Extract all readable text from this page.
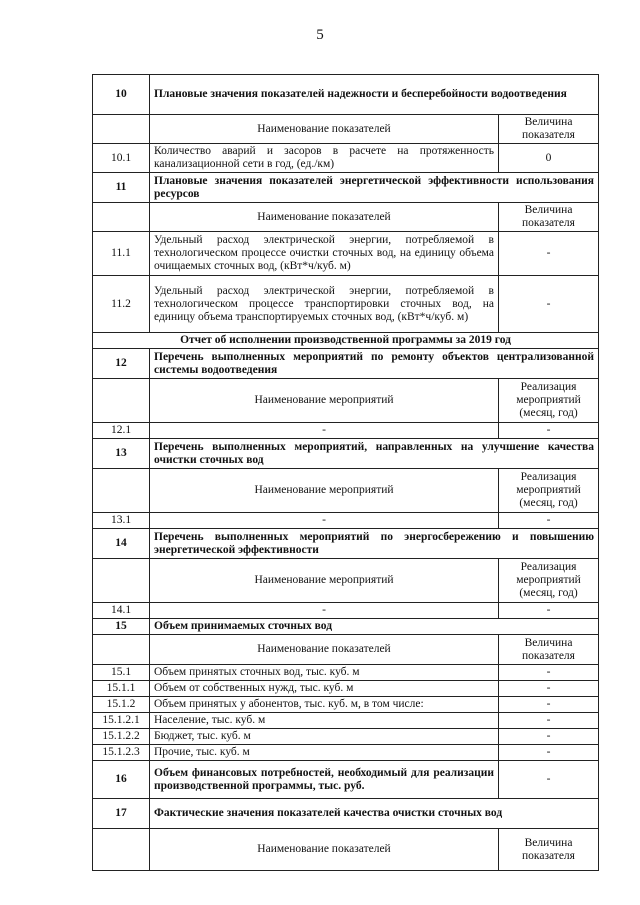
5
10	Плановые значения показателей надежности и бесперебойности водоотведения	
	Наименование показателей	Величина показателя
10.1	Количество аварий и засоров в расчете на протяженность канализационной сети в год, (ед./км)	0
11	Плановые значения показателей энергетической эффективности использования ресурсов	
	Наименование показателей	Величина показателя
11.1	Удельный расход электрической энергии, потребляемой в технологическом процессе очистки сточных вод, на единицу объема очищаемых сточных вод, (кВт*ч/куб. м)	-
11.2	Удельный расход электрической энергии, потребляемой в технологическом процессе транспортировки сточных вод, на единицу объема транспортируемых сточных вод, (кВт*ч/куб. м)	-
Отчет об исполнении производственной программы за 2019 год		
12	Перечень выполненных мероприятий по ремонту объектов централизованной системы водоотведения	
	Наименование мероприятий	Реализация мероприятий (месяц, год)
12.1	-	-
13	Перечень выполненных мероприятий, направленных на улучшение качества очистки сточных вод	
	Наименование мероприятий	Реализация мероприятий (месяц, год)
13.1	-	-
14	Перечень выполненных мероприятий по энергосбережению и повышению энергетической эффективности	
	Наименование мероприятий	Реализация мероприятий (месяц, год)
14.1	-	-
15	Объем принимаемых сточных вод	
	Наименование показателей	Величина показателя
15.1	Объем принятых сточных вод, тыс. куб. м	-
15.1.1	Объем от собственных нужд, тыс. куб. м	-
15.1.2	Объем принятых у абонентов, тыс. куб. м, в том числе:	-
15.1.2.1	Население, тыс. куб. м	-
15.1.2.2	Бюджет, тыс. куб. м	-
15.1.2.3	Прочие, тыс. куб. м	-
16	Объем финансовых потребностей, необходимый для реализации производственной программы, тыс. руб.	-
17	Фактические значения показателей качества очистки сточных вод	
	Наименование показателей	Величина показателя
